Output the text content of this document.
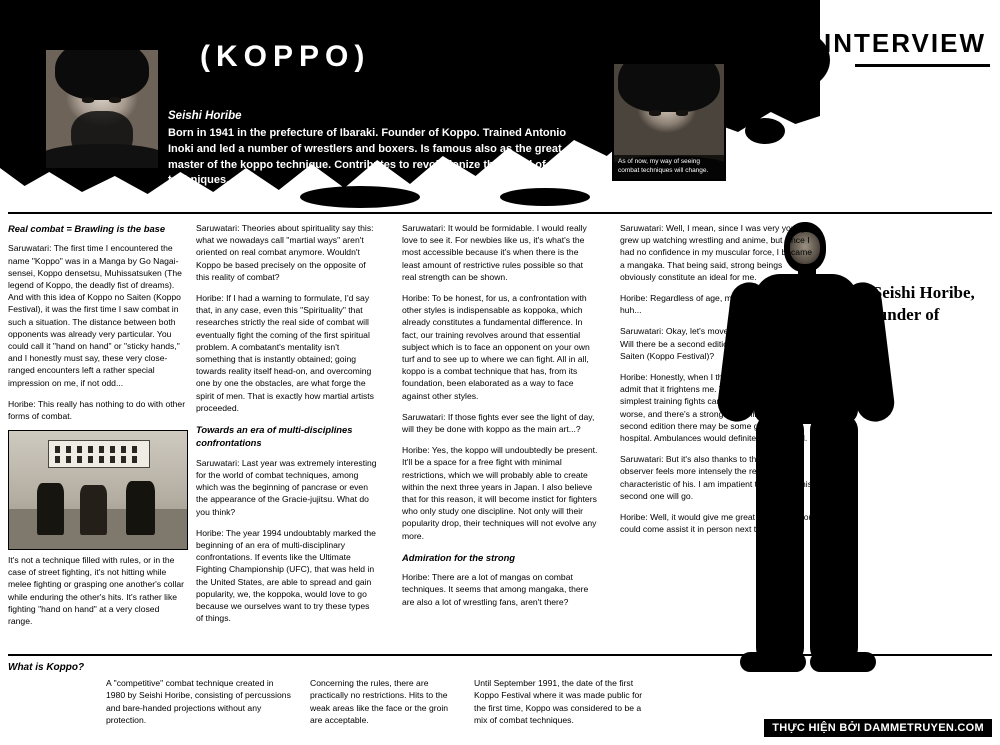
(KOPPO)	INTERVIEW
As of now, my way of seeing combat techniques will change.
Seishi Horibe
Born in 1941 in the prefecture of Ibaraki. Founder of Koppo. Trained Antonio Inoki and led a number of wrestlers and boxers. Is famous also as the great master of the koppo technique. Contributes to revolutionize the world of combat techniques.
Real combat = Brawling is the base

Saruwatari: The first time I encountered the name "Koppo" was in a Manga by Go Nagai-sensei, Koppo densetsu, Muhissatsuken (The legend of Koppo, the deadly fist of dreams). And with this idea of Koppo no Saiten (Koppo Festival), it was the first time I saw combat in such a situation. The distance between both opponents was already very particular. You could call it "hand on hand" or "sticky hands," and I honestly must say, these very close-ranged encounters left a rather special impression on me, if not odd...

Horibe: This really has nothing to do with other forms of combat.

It's not a technique filled with rules, or in the case of street fighting, it's not hitting while melee fighting or grasping one another's collar while enduring the other's hits. It's rather like fighting "hand on hand" at a very closed range.

Saruwatari: Theories about spirituality say this: what we nowadays call "martial ways" aren't oriented on real combat anymore. Wouldn't Koppo be based precisely on the opposite of this reality of combat?

Horibe: If I had a warning to formulate, I'd say that, in any case, even this "Spirituality" that researches strictly the real side of combat will eventually fight the coming of the first spiritual problem. A combatant's mentality isn't something that is instantly obtained; going towards reality itself head-on, and overcoming one by one the obstacles, are what forge the spirit of men. That is exactly how martial artists proceeded.

Towards an era of multi-disciplines confrontations

Saruwatari: Last year was extremely interesting for the world of combat techniques, among which was the beginning of pancrase or even the appearance of the Gracie-jujitsu. What do you think?

Horibe: The year 1994 undoubtably marked the beginning of an era of multi-disciplinary confrontations. If events like the Ultimate Fighting Championship (UFC), that was held in the United States, are able to spread and gain popularity, we, the koppoka, would love to go because we ourselves want to try these types of things.

Saruwatari: It would be formidable. I would really love to see it. For newbies like us, it's what's the most accessible because it's when there is the least amount of restrictive rules possible so that real strength can be shown.

Horibe: To be honest, for us, a confrontation with other styles is indispensable as koppoka, which already constitutes a fundamental difference. In fact, our training revolves around that essential subject which is to face an opponent on your own turf and to see up to where we can fight. All in all, koppo is a combat technique that has, from its foundation, been elaborated as a way to face against other styles.

Saruwatari: If those fights ever see the light of day, will they be done with koppo as the main art...?

Horibe: Yes, the koppo will undoubtedly be present. It'll be a space for a free fight with minimal restrictions, which we will probably able to create within the next three years in Japan. I also believe that for this reason, it will become instict for fighters who only study one discipline. Not only will their popularity drop, their techniques will not evolve any more.

Admiration for the strong

Horibe: There are a lot of mangas on combat techniques. It seems that among mangaka, there are also a lot of wrestling fans, aren't there?

Saruwatari: Well, I mean, since I was very young, I grew up watching wrestling and anime, but since I had no confidence in my muscular force, I became a mangaka. That being said, strong beings obviously constitute an ideal for me.

Horibe: Regardless of age, men have their dreams, huh...

Saruwatari: Okay, let's move on to other things... Will there be a second edition of the Koppo no Saiten (Koppo Festival)?

Horibe: Honestly, when I think about it I have to admit that it frightens me. These days, even the simplest training fights can take a turn for the worse, and there's a strong possibility that in this second edition there may be some going to the hospital. Ambulances would definitely be booked.

Saruwatari: But it's also thanks to that that the observer feels more intensely the realistic characteristic of his. I am impatient to see how this second one will go.

Horibe: Well, it would give me great pleasure if you could come assist it in person next time.

With Seishi Horibe, the Founder of Koppo!
What is Koppo?

A "competitive" combat technique created in 1980 by Seishi Horibe, consisting of percussions and bare-handed projections without any protection.

Concerning the rules, there are practically no restrictions. Hits to the weak areas like the face or the groin are acceptable.

Until September 1991, the date of the first Koppo Festival where it was made public for the first time, Koppo was considered to be a mix of combat techniques.

THỰC HIỆN BỞI DAMMETRUYEN.COM
